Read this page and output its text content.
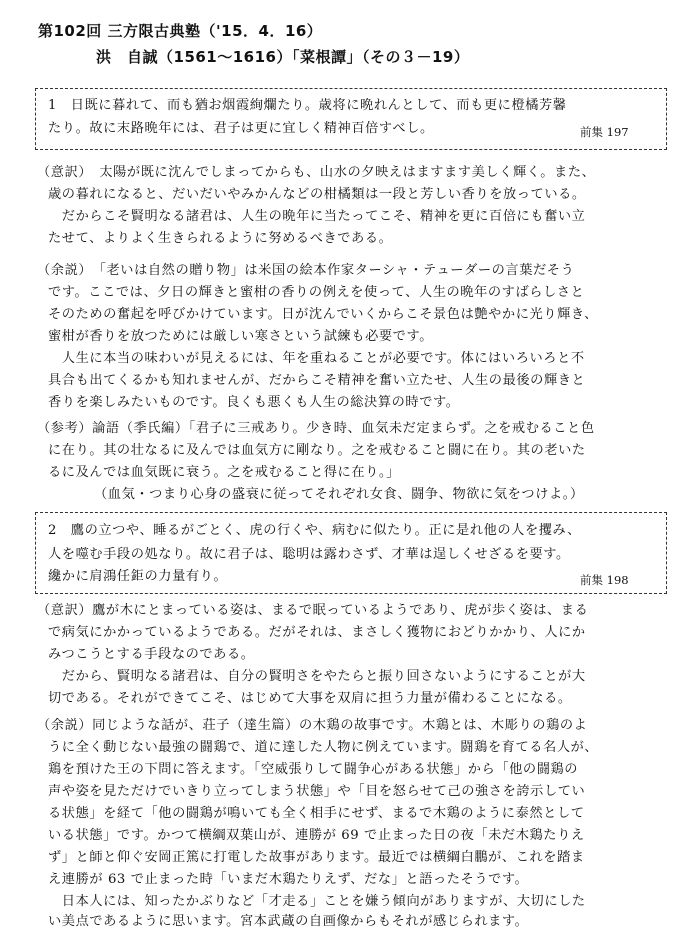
第102回 三方限古典塾（'15．4．16）
洪　自誠（1561〜1616）「菜根譚」（その３－19）
1　日既に暮れて、而も猶お烟霞絢爛たり。歳将に晩れんとして、而も更に橙橘芳馨
たり。故に末路晩年には、君子は更に宜しく精神百倍すべし。	前集 197
（意訳）　太陽が既に沈んでしまってからも、山水の夕映えはますます美しく輝く。また、
歳の暮れになると、だいだいやみかんなどの柑橘類は一段と芳しい香りを放っている。
　だからこそ賢明なる諸君は、人生の晩年に当たってこそ、精神を更に百倍にも奮い立
たせて、よりよく生きられるように努めるべきである。
（余説）　「老いは自然の贈り物」は米国の絵本作家ターシャ・テューダーの言葉だそう
です。ここでは、夕日の輝きと蜜柑の香りの例えを使って、人生の晩年のすばらしさと
そのための奮起を呼びかけています。日が沈んでいくからこそ景色は艶やかに光り輝き、
蜜柑が香りを放つためには厳しい寒さという試練も必要です。
　人生に本当の味わいが見えるには、年を重ねることが必要です。体にはいろいろと不
具合も出てくるかも知れませんが、だからこそ精神を奮い立たせ、人生の最後の輝きと
香りを楽しみたいものです。良くも悪くも人生の総決算の時です。
（参考）論語（季氏編）「君子に三戒あり。少き時、血気未だ定まらず。之を戒むること色
に在り。其の壮なるに及んでは血気方に剛なり。之を戒むること闘に在り。其の老いた
るに及んでは血気既に衰う。之を戒むること得に在り。」
（血気・つまり心身の盛衰に従ってそれぞれ女食、闘争、物欲に気をつけよ。）
2　鷹の立つや、睡るがごとく、虎の行くや、病むに似たり。正に是れ他の人を攫み、
人を噬む手段の処なり。故に君子は、聡明は露わさず、才華は逞しくせざるを要す。
纔かに肩鴻任鉅の力量有り。	前集 198
（意訳）鷹が木にとまっている姿は、まるで眠っているようであり、虎が歩く姿は、まる
で病気にかかっているようである。だがそれは、まさしく獲物におどりかかり、人にか
みつこうとする手段なのである。
　だから、賢明なる諸君は、自分の賢明さをやたらと振り回さないようにすることが大
切である。それができてこそ、はじめて大事を双肩に担う力量が備わることになる。
（余説）同じような話が、荘子（達生篇）の木鶏の故事です。木鶏とは、木彫りの鶏のよ
うに全く動じない最強の闘鶏で、道に達した人物に例えています。闘鶏を育てる名人が、
鶏を預けた王の下問に答えます。「空威張りして闘争心がある状態」から「他の闘鶏の
声や姿を見ただけでいきり立ってしまう状態」や「目を怒らせて己の強さを誇示してい
る状態」を経て「他の闘鶏が鳴いても全く相手にせず、まるで木鶏のように泰然として
いる状態」です。かつて横綱双葉山が、連勝が 69 で止まった日の夜「未だ木鶏たりえ
ず」と師と仰ぐ安岡正篤に打電した故事があります。最近では横綱白鵬が、これを踏ま
え連勝が 63 で止まった時「いまだ木鶏たりえず、だな」と語ったそうです。
　日本人には、知ったかぶりなど「才走る」ことを嫌う傾向がありますが、大切にした
い美点であるように思います。宮本武蔵の自画像からもそれが感じられます。
